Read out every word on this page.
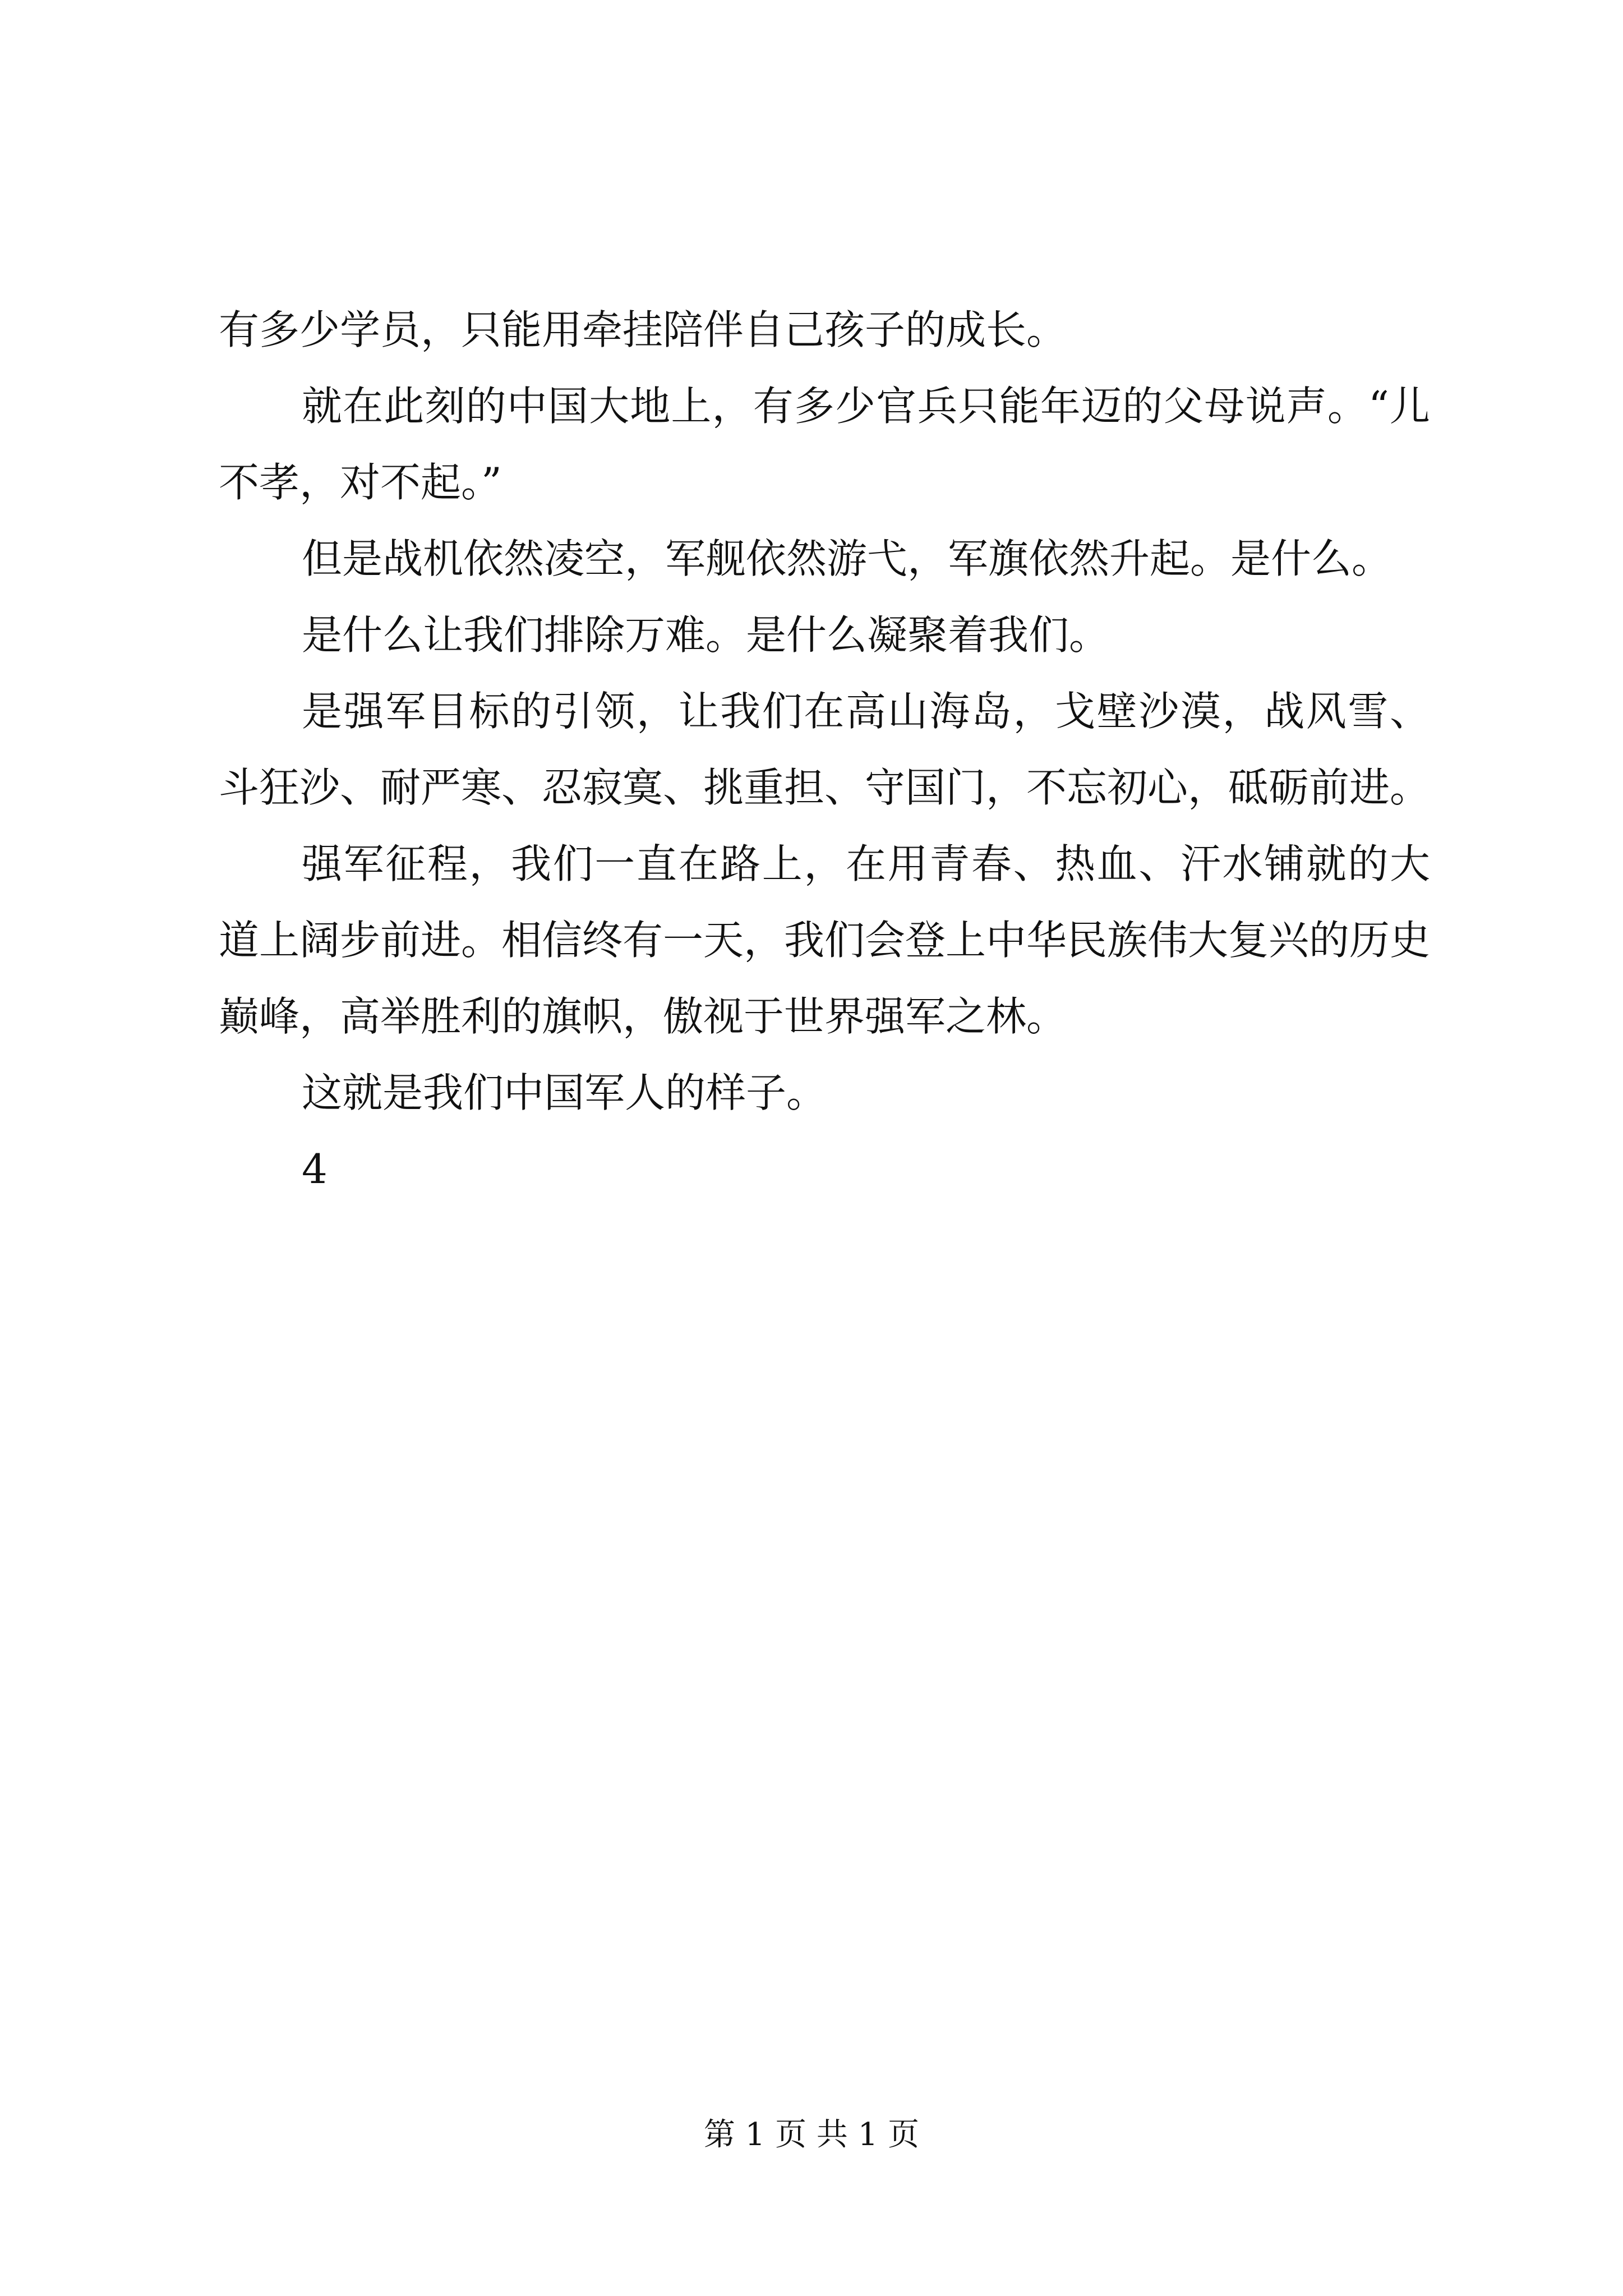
有多少学员，只能用牵挂陪伴自己孩子的成长。

就在此刻的中国大地上，有多少官兵只能年迈的父母说声。“儿不孝，对不起。”

但是战机依然凌空，军舰依然游弋，军旗依然升起。是什么。

是什么让我们排除万难。是什么凝聚着我们。

是强军目标的引领，让我们在高山海岛，戈壁沙漠，战风雪、斗狂沙、耐严寒、忍寂寞、挑重担、守国门，不忘初心，砥砺前进。

强军征程，我们一直在路上，在用青春、热血、汗水铺就的大道上阔步前进。相信终有一天，我们会登上中华民族伟大复兴的历史巅峰，高举胜利的旗帜，傲视于世界强军之林。

这就是我们中国军人的样子。

4

第 1 页 共 1 页
